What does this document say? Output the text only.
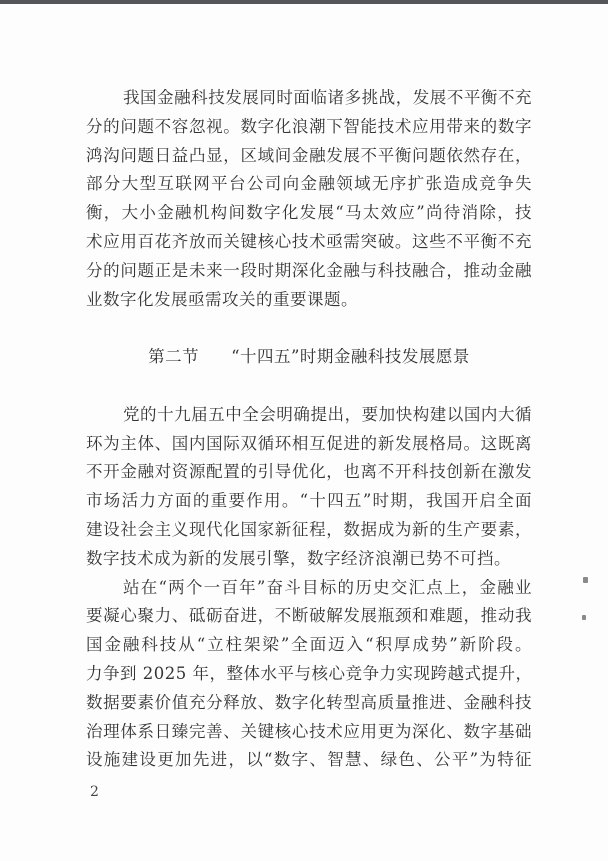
我国金融科技发展同时面临诸多挑战，发展不平衡不充
分的问题不容忽视。数字化浪潮下智能技术应用带来的数字
鸿沟问题日益凸显，区域间金融发展不平衡问题依然存在，
部分大型互联网平台公司向金融领域无序扩张造成竞争失
衡，大小金融机构间数字化发展“马太效应”尚待消除，技
术应用百花齐放而关键核心技术亟需突破。这些不平衡不充
分的问题正是未来一段时期深化金融与科技融合，推动金融
业数字化发展亟需攻关的重要课题。
第二节 “十四五”时期金融科技发展愿景
党的十九届五中全会明确提出，要加快构建以国内大循
环为主体、国内国际双循环相互促进的新发展格局。这既离
不开金融对资源配置的引导优化，也离不开科技创新在激发
市场活力方面的重要作用。“十四五”时期，我国开启全面
建设社会主义现代化国家新征程，数据成为新的生产要素，
数字技术成为新的发展引擎，数字经济浪潮已势不可挡。
站在“两个一百年”奋斗目标的历史交汇点上，金融业
要凝心聚力、砥砺奋进，不断破解发展瓶颈和难题，推动我
国金融科技从“立柱架梁”全面迈入“积厚成势”新阶段。
力争到 2025 年，整体水平与核心竞争力实现跨越式提升，
数据要素价值充分释放、数字化转型高质量推进、金融科技
治理体系日臻完善、关键核心技术应用更为深化、数字基础
设施建设更加先进，以“数字、智慧、绿色、公平”为特征
2
